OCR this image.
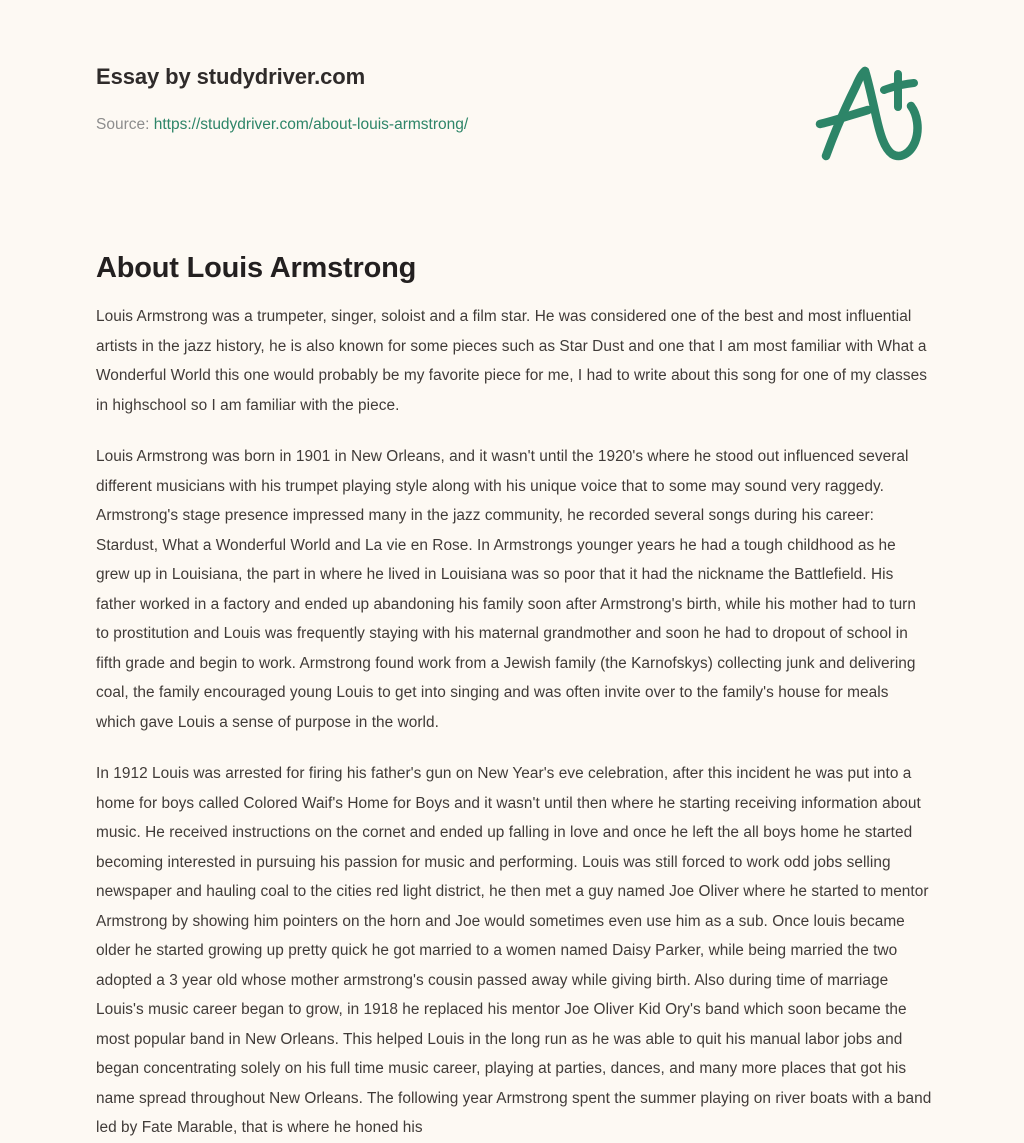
Essay by studydriver.com
Source: https://studydriver.com/about-louis-armstrong/
About Louis Armstrong

Louis Armstrong was a trumpeter, singer, soloist and a film star. He was considered one of the best and most influential artists in the jazz history, he is also known for some pieces such as Star Dust and one that I am most familiar with What a Wonderful World this one would probably be my favorite piece for me, I had to write about this song for one of my classes in highschool so I am familiar with the piece.

Louis Armstrong was born in 1901 in New Orleans, and it wasn't until the 1920's where he stood out influenced several different musicians with his trumpet playing style along with his unique voice that to some may sound very raggedy. Armstrong's stage presence impressed many in the jazz community, he recorded several songs during his career: Stardust, What a Wonderful World and La vie en Rose. In Armstrongs younger years he had a tough childhood as he grew up in Louisiana, the part in where he lived in Louisiana was so poor that it had the nickname the Battlefield. His father worked in a factory and ended up abandoning his family soon after Armstrong's birth, while his mother had to turn to prostitution and Louis was frequently staying with his maternal grandmother and soon he had to dropout of school in fifth grade and begin to work. Armstrong found work from a Jewish family (the Karnofskys) collecting junk and delivering coal, the family encouraged young Louis to get into singing and was often invite over to the family's house for meals which gave Louis a sense of purpose in the world.

In 1912 Louis was arrested for firing his father's gun on New Year's eve celebration, after this incident he was put into a home for boys called Colored Waif's Home for Boys and it wasn't until then where he starting receiving information about music. He received instructions on the cornet and ended up falling in love and once he left the all boys home he started becoming interested in pursuing his passion for music and performing. Louis was still forced to work odd jobs selling newspaper and hauling coal to the cities red light district, he then met a guy named Joe Oliver where he started to mentor Armstrong by showing him pointers on the horn and Joe would sometimes even use him as a sub. Once louis became older he started growing up pretty quick he got married to a women named Daisy Parker, while being married the two adopted a 3 year old whose mother armstrong's cousin passed away while giving birth. Also during time of marriage Louis's music career began to grow, in 1918 he replaced his mentor Joe Oliver Kid Ory's band which soon became the most popular band in New Orleans. This helped Louis in the long run as he was able to quit his manual labor jobs and began concentrating solely on his full time music career, playing at parties, dances, and many more places that got his name spread throughout New Orleans. The following year Armstrong spent the summer playing on river boats with a band led by Fate Marable, that is where he honed his
